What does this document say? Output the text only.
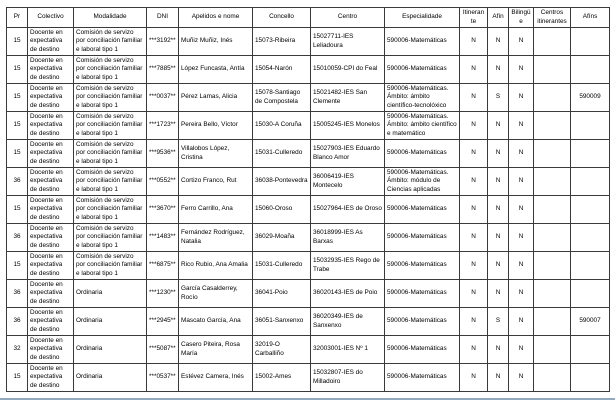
Pr	Colectivo	Modalidade	DNI	Apelidos e nome	Concello	Centro	Especialidade	Itinerante	Afín	Bilingüe	Centros itinerantes	Afíns
15	Docente en expectativa de destino	Comisión de servizo por conciliación familiar e laboral tipo 1	***3192**	Muñiz Muñiz, Inés	15073-Ribeira	15027711-IES Leliadoura	590006-Matemáticas	N	N	N		
15	Docente en expectativa de destino	Comisión de servizo por conciliación familiar e laboral tipo 1	***7885**	López Funcasta, Antía	15054-Narón	15010059-CPI do Feal	590006-Matemáticas	N	N	N		
15	Docente en expectativa de destino	Comisión de servizo por conciliación familiar e laboral tipo 1	***0037**	Pérez Lamas, Alicia	15078-Santiago de Compostela	15021482-IES San Clemente	590006-Matemáticas. Ámbito: ámbito científico-tecnolóxico	N	S	N		590009
15	Docente en expectativa de destino	Comisión de servizo por conciliación familiar e laboral tipo 1	***1723**	Pereira Bello, Víctor	15030-A Coruña	15005245-IES Monelos	590006-Matemáticas. Ámbito: ámbito científico e matemático	N	N	N		
15	Docente en expectativa de destino	Comisión de servizo por conciliación familiar e laboral tipo 1	***9536**	Villalobos López, Cristina	15031-Culleredo	15027903-IES Eduardo Blanco Amor	590006-Matemáticas	N	N	N		
36	Docente en expectativa de destino	Comisión de servizo por conciliación familiar e laboral tipo 1	***0552**	Cortizo Franco, Rut	36038-Pontevedra	36006419-IES Montecelo	590006-Matemáticas. Ámbito: módulo de Ciencias aplicadas	N	N	N		
15	Docente en expectativa de destino	Comisión de servizo por conciliación familiar e laboral tipo 1	***3670**	Ferro Carrillo, Ana	15060-Oroso	15027964-IES de Oroso	590006-Matemáticas	N	N	N		
36	Docente en expectativa de destino	Comisión de servizo por conciliación familiar e laboral tipo 1	***1483**	Fernández Rodríguez, Natalia	36029-Moaña	36018999-IES As Barxas	590006-Matemáticas	N	N	N		
15	Docente en expectativa de destino	Comisión de servizo por conciliación familiar e laboral tipo 1	***6875**	Rico Rubio, Ana Amalia	15031-Culleredo	15032935-IES Rego de Trabe	590006-Matemáticas	N	N	N		
36	Docente en expectativa de destino	Ordinaria	***1230**	García Casalderrey, Rocío	36041-Poio	36020143-IES de Poio	590006-Matemáticas	N	N	N		
36	Docente en expectativa de destino	Ordinaria	***2945**	Mascato García, Ana	36051-Sanxenxo	36020349-IES de Sanxenxo	590006-Matemáticas	N	S	N		590007
32	Docente en expectativa de destino	Ordinaria	***5087**	Casero Piteira, Rosa María	32019-O Carballiño	32003001-IES Nº 1	590006-Matemáticas	N	N	N		
15	Docente en expectativa de destino	Ordinaria	***0537**	Estévez Camera, Inés	15002-Ames	15032807-IES do Milladoiro	590006-Matemáticas	N	N	N		
